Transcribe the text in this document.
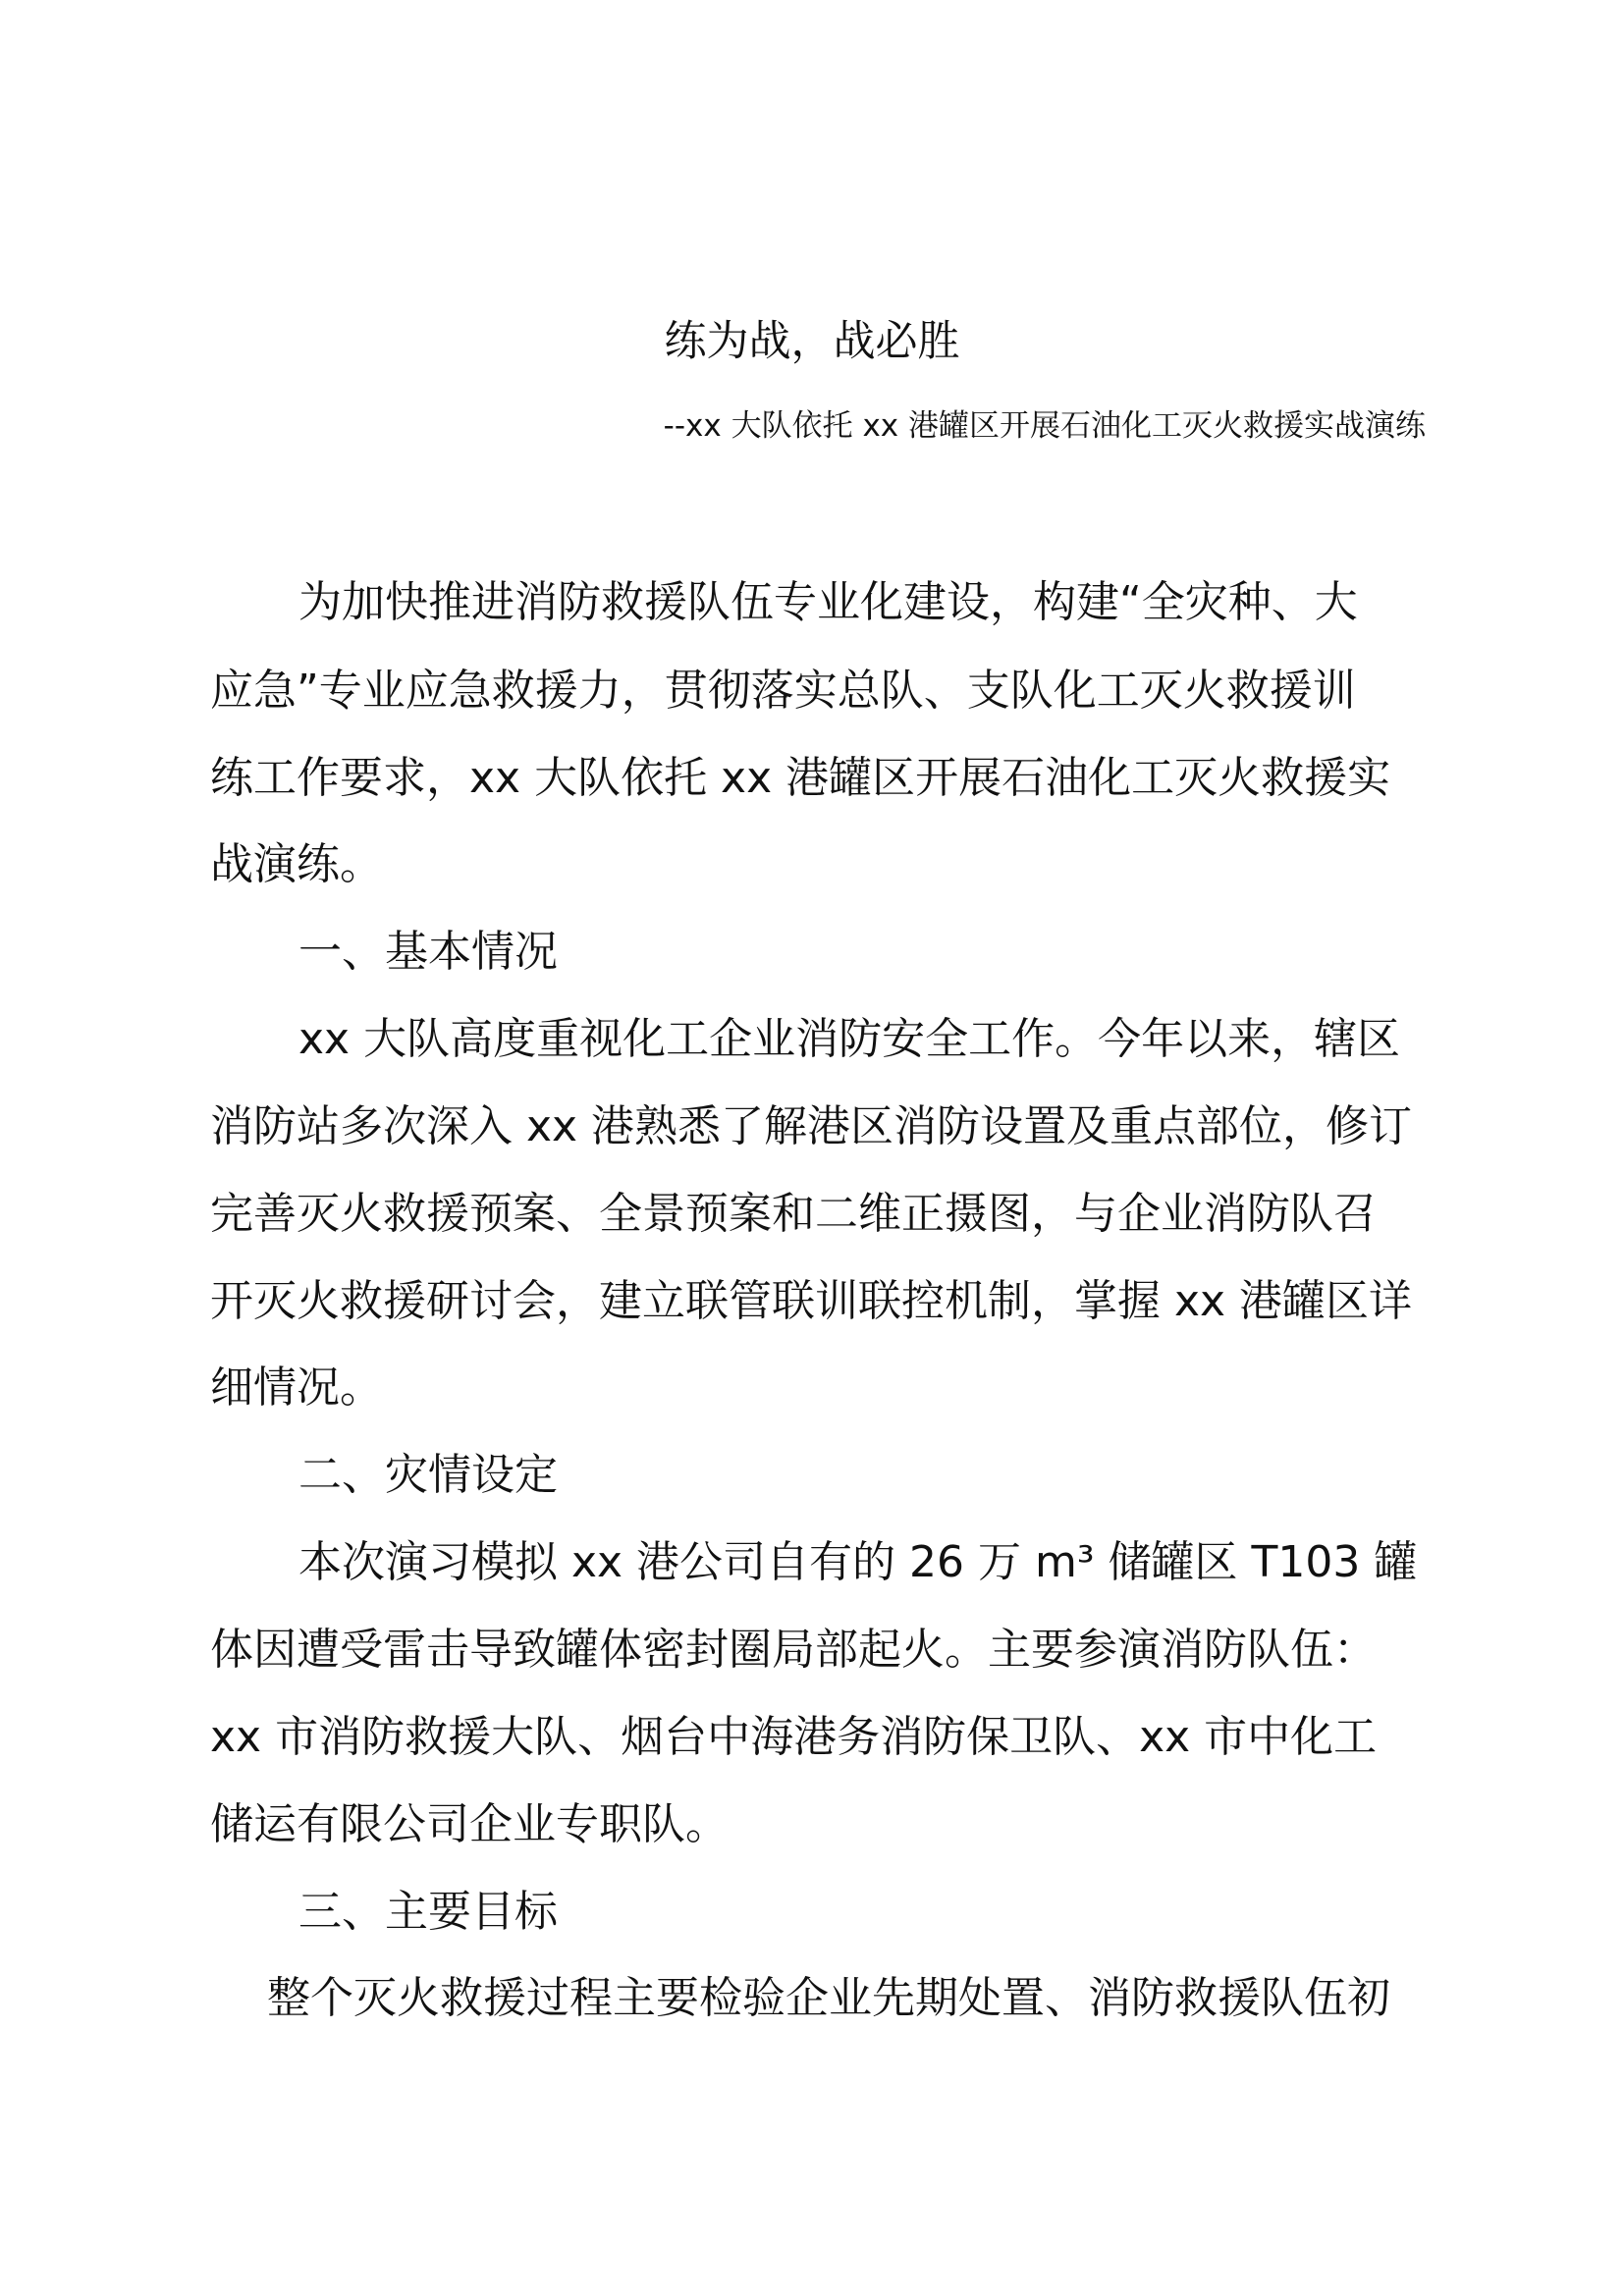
练为战，战必胜

--xx 大队依托 xx 港罐区开展石油化工灭火救援实战演练

为加快推进消防救援队伍专业化建设，构建“全灾种、大

应急”专业应急救援力，贯彻落实总队、支队化工灭火救援训

练工作要求，xx 大队依托 xx 港罐区开展石油化工灭火救援实

战演练。

一、基本情况

xx 大队高度重视化工企业消防安全工作。今年以来，辖区

消防站多次深入 xx 港熟悉了解港区消防设置及重点部位，修订

完善灭火救援预案、全景预案和二维正摄图，与企业消防队召

开灭火救援研讨会，建立联管联训联控机制，掌握 xx 港罐区详

细情况。

二、灾情设定

本次演习模拟 xx 港公司自有的 26 万 m³ 储罐区 T103 罐

体因遭受雷击导致罐体密封圈局部起火。主要参演消防队伍：

xx 市消防救援大队、烟台中海港务消防保卫队、xx 市中化工

储运有限公司企业专职队。

三、主要目标

整个灭火救援过程主要检验企业先期处置、消防救援队伍初
